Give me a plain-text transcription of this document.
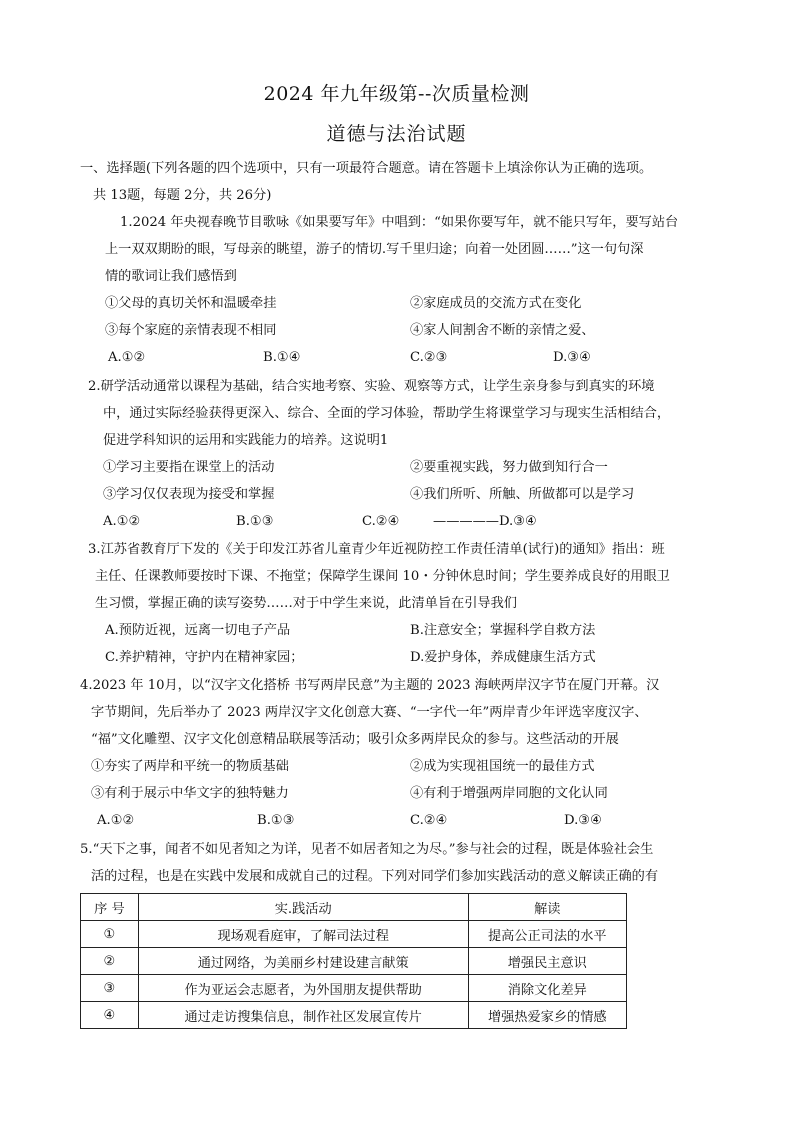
2024 年九年级第--次质量检测
道德与法治试题
一、选择题(下列各题的四个选项中，只有一项最符合题意。请在答题卡上填涂你认为正确的选项。
共 13题，每题 2分，共 26分)
1.2024 年央视春晚节目歌咏《如果要写年》中唱到：“如果你要写年，就不能只写年，要写站台
上一双双期盼的眼，写母亲的眺望，游子的情切.写千里归途；向着一处团圆……”这一句句深
情的歌词让我们感悟到
①父母的真切关怀和温暖牵挂	②家庭成员的交流方式在变化
③每个家庭的亲情表现不相同	④家人间割舍不断的亲情之爱、
A.①②	B.①④	C.②③	D.③④
2.研学活动通常以课程为基础，结合实地考察、实验、观察等方式，让学生亲身参与到真实的环境
中，通过实际经验获得更深入、综合、全面的学习体验，帮助学生将课堂学习与现实生活相结合，
促进学科知识的运用和实践能力的培养。这说明1
①学习主要指在课堂上的活动	②要重视实践，努力做到知行合一
③学习仅仅表现为接受和掌握	④我们所听、所触、所做都可以是学习
A.①②	B.①③	C.②④	—————D.③④
3.江苏省教育厅下发的《关于印发江苏省儿童青少年近视防控工作责任清单(试行)的通知》指出：班
主任、任课教师要按时下课、不拖堂；保障学生课间 10・分钟休息时间；学生要养成良好的用眼卫
生习惯，掌握正确的读写姿势……对于中学生来说，此清单旨在引导我们
A.预防近视，远离一切电子产品	B.注意安全；掌握科学自救方法
C.养护精神，守护内在精神家园；	D.爱护身体，养成健康生活方式
4.2023 年 10月，以“汉字文化搭桥 书写两岸民意”为主题的 2023 海峡两岸汉字节在厦门开幕。汉
字节期间，先后举办了 2023 两岸汉字文化创意大赛、“一字代一年”两岸青少年评选宰度汉字、
“福”文化雕塑、汉字文化创意精品联展等活动；吸引众多两岸民众的参与。这些活动的开展
①夯实了两岸和平统一的物质基础	②成为实现祖国统一的最佳方式
③有利于展示中华文字的独特魅力	④有利于增强两岸同胞的文化认同
A.①②	B.①③	C.②④	D.③④
5.“天下之事，闻者不如见者知之为详，见者不如居者知之为尽。”参与社会的过程，既是体验社会生
活的过程，也是在实践中发展和成就自己的过程。下列对同学们参加实践活动的意义解读正确的有
序 号	实.践活动	解读
①	现场观看庭审，了解司法过程	提高公正司法的水平
②	通过网络，为美丽乡村建设建言献策	增强民主意识
③	作为亚运会志愿者，为外国朋友提供帮助	消除文化差异
④	通过走访搜集信息，制作社区发展宣传片	增强热爱家乡的情感
